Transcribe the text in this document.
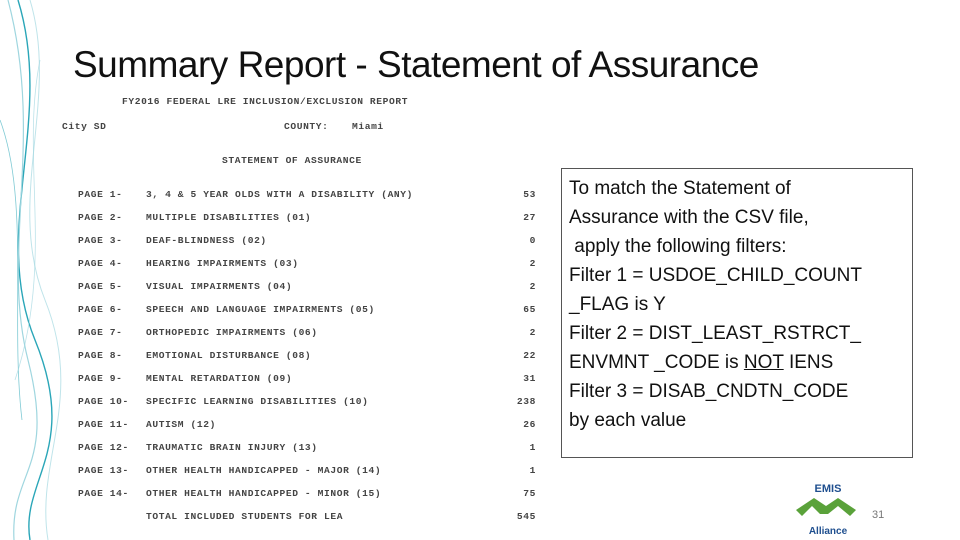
Summary Report - Statement of Assurance
FY2016 FEDERAL LRE INCLUSION/EXCLUSION REPORT
City SD	COUNTY: Miami
STATEMENT OF ASSURANCE
PAGE 1- 3, 4 & 5 YEAR OLDS WITH A DISABILITY (ANY)	53
PAGE 2- MULTIPLE DISABILITIES (01)	27
PAGE 3- DEAF-BLINDNESS (02)	0
PAGE 4- HEARING IMPAIRMENTS (03)	2
PAGE 5- VISUAL IMPAIRMENTS (04)	2
PAGE 6- SPEECH AND LANGUAGE IMPAIRMENTS (05)	65
PAGE 7- ORTHOPEDIC IMPAIRMENTS (06)	2
PAGE 8- EMOTIONAL DISTURBANCE (08)	22
PAGE 9- MENTAL RETARDATION (09)	31
PAGE 10- SPECIFIC LEARNING DISABILITIES (10)	238
PAGE 11- AUTISM (12)	26
PAGE 12- TRAUMATIC BRAIN INJURY (13)	1
PAGE 13- OTHER HEALTH HANDICAPPED - MAJOR (14)	1
PAGE 14- OTHER HEALTH HANDICAPPED - MINOR (15)	75
TOTAL INCLUDED STUDENTS FOR LEA	545
To match the Statement of
Assurance with the CSV file,
apply the following filters:
Filter 1 = USDOE_CHILD_COUNT
_FLAG is Y
Filter 2 = DIST_LEAST_RSTRCT_
ENVMNT _CODE is NOT IENS
Filter 3 = DISAB_CNDTN_CODE
by each value
EMIS
Alliance
31
